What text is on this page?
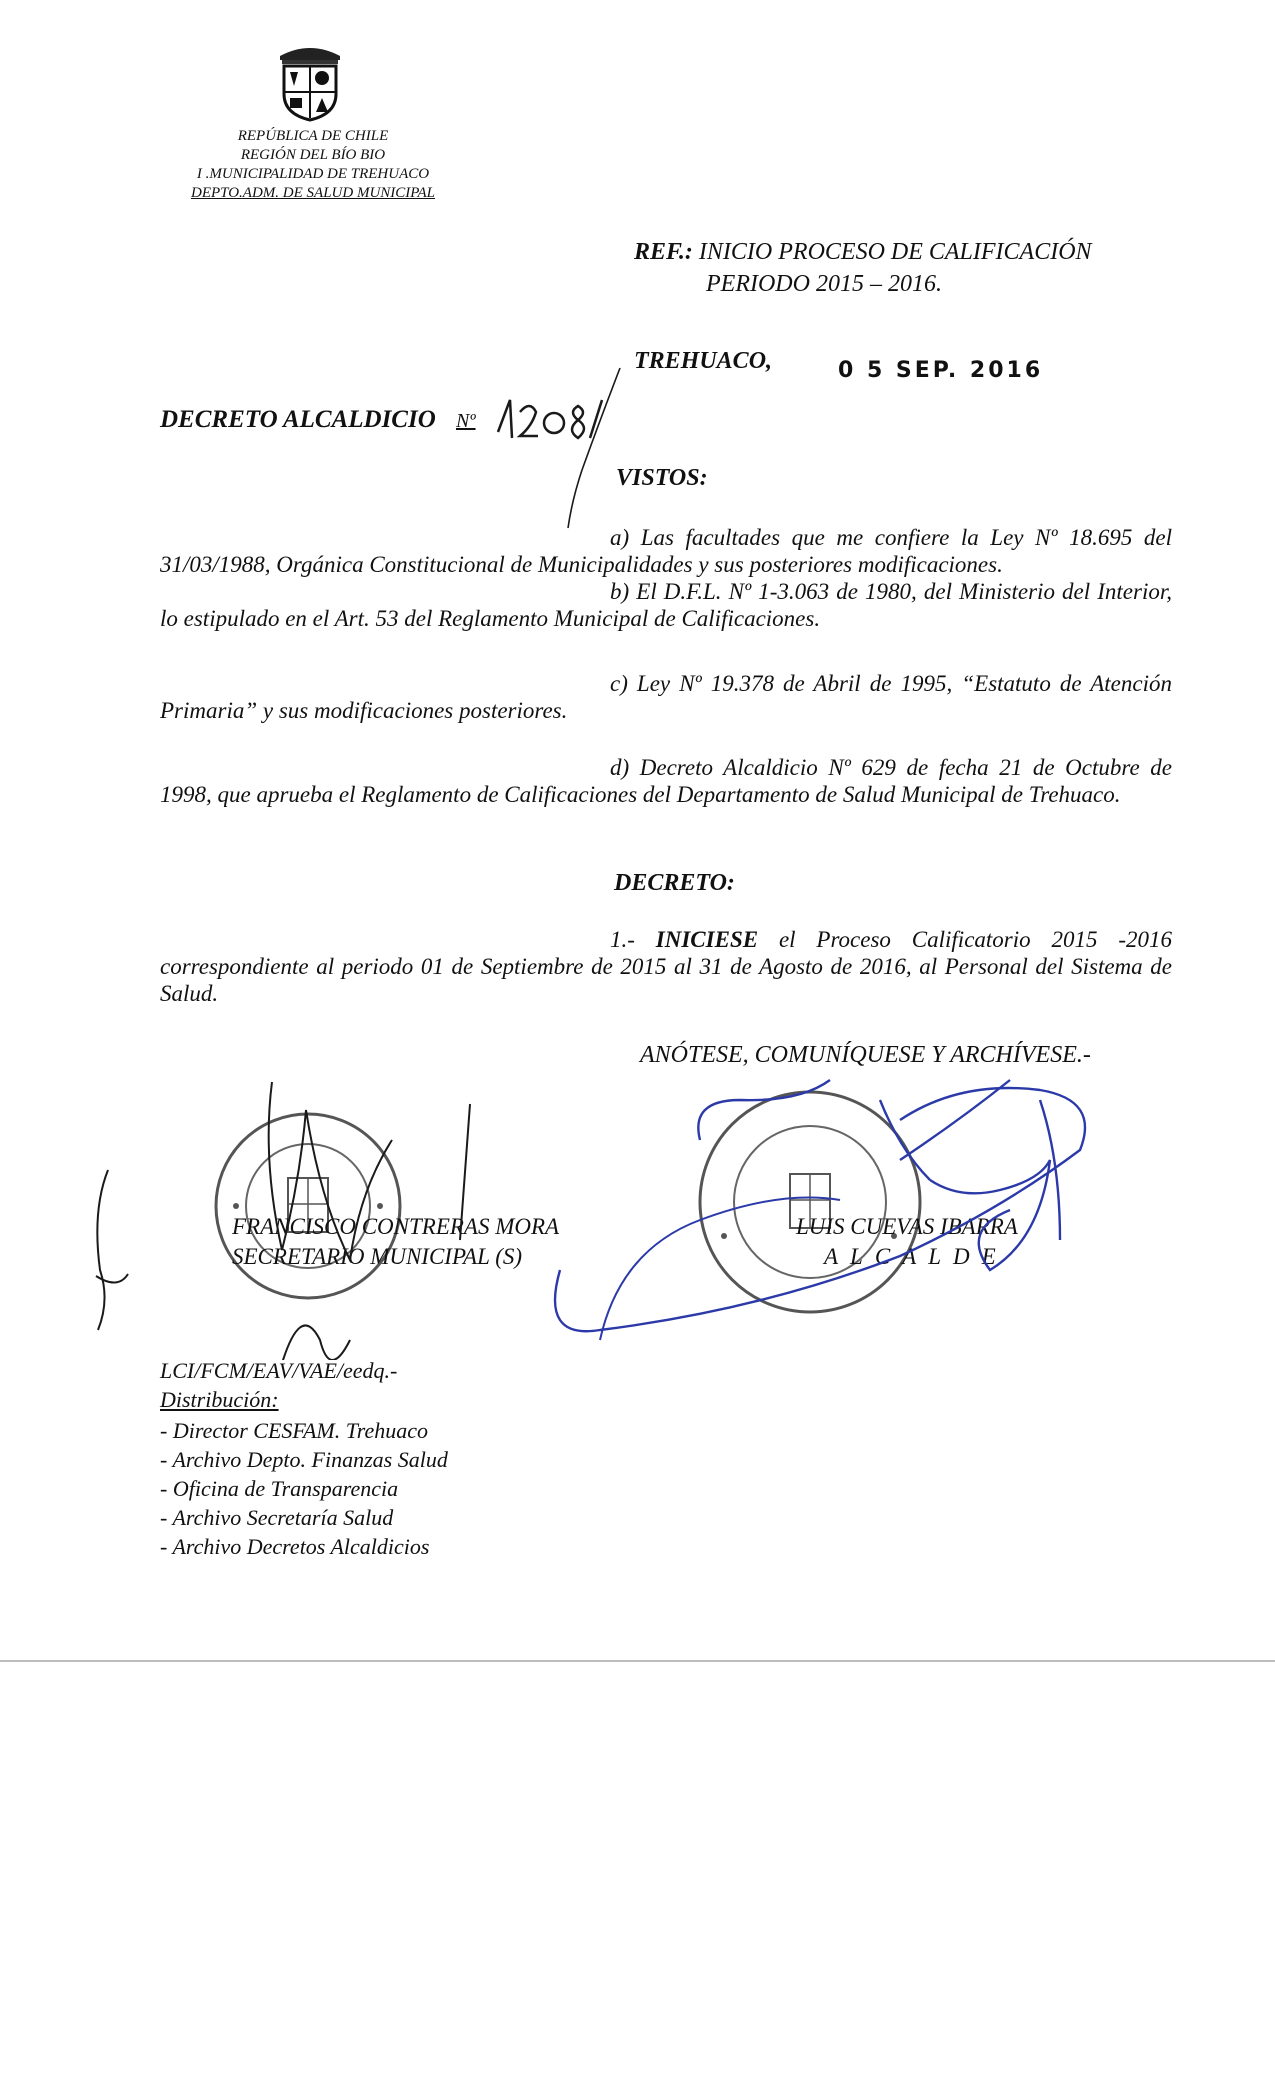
REPÚBLICA DE CHILE
REGIÓN DEL BÍO BIO
I .MUNICIPALIDAD DE TREHUACO
DEPTO.ADM. DE SALUD MUNICIPAL
REF.: INICIO PROCESO DE CALIFICACIÓN
PERIODO 2015 – 2016.
TREHUACO,	0 5 SEP. 2016
DECRETO ALCALDICIO Nº
VISTOS:
a) Las facultades que me confiere la Ley Nº 18.695 del 31/03/1988, Orgánica Constitucional de Municipalidades y sus posteriores modificaciones.
b) El D.F.L. Nº 1-3.063 de 1980, del Ministerio del Interior, lo estipulado en el Art. 53 del Reglamento Municipal de Calificaciones.
c) Ley Nº 19.378 de Abril de 1995, “Estatuto de Atención Primaria” y sus modificaciones posteriores.
d) Decreto Alcaldicio Nº 629 de fecha 21 de Octubre de 1998, que aprueba el Reglamento de Calificaciones del Departamento de Salud Municipal de Trehuaco.
DECRETO:
1.- INICIESE el Proceso Calificatorio 2015 -2016 correspondiente al periodo 01 de Septiembre de 2015 al 31 de Agosto de 2016, al Personal del Sistema de Salud.
ANÓTESE, COMUNÍQUESE Y ARCHÍVESE.-
FRANCISCO CONTRERAS MORA
SECRETARIO MUNICIPAL (S)
LUIS CUEVAS IBARRA
ALCALDE
LCI/FCM/EAV/VAE/eedq.-
Distribución:
- Director CESFAM. Trehuaco
- Archivo Depto. Finanzas Salud
- Oficina de Transparencia
- Archivo Secretaría Salud
- Archivo Decretos Alcaldicios
